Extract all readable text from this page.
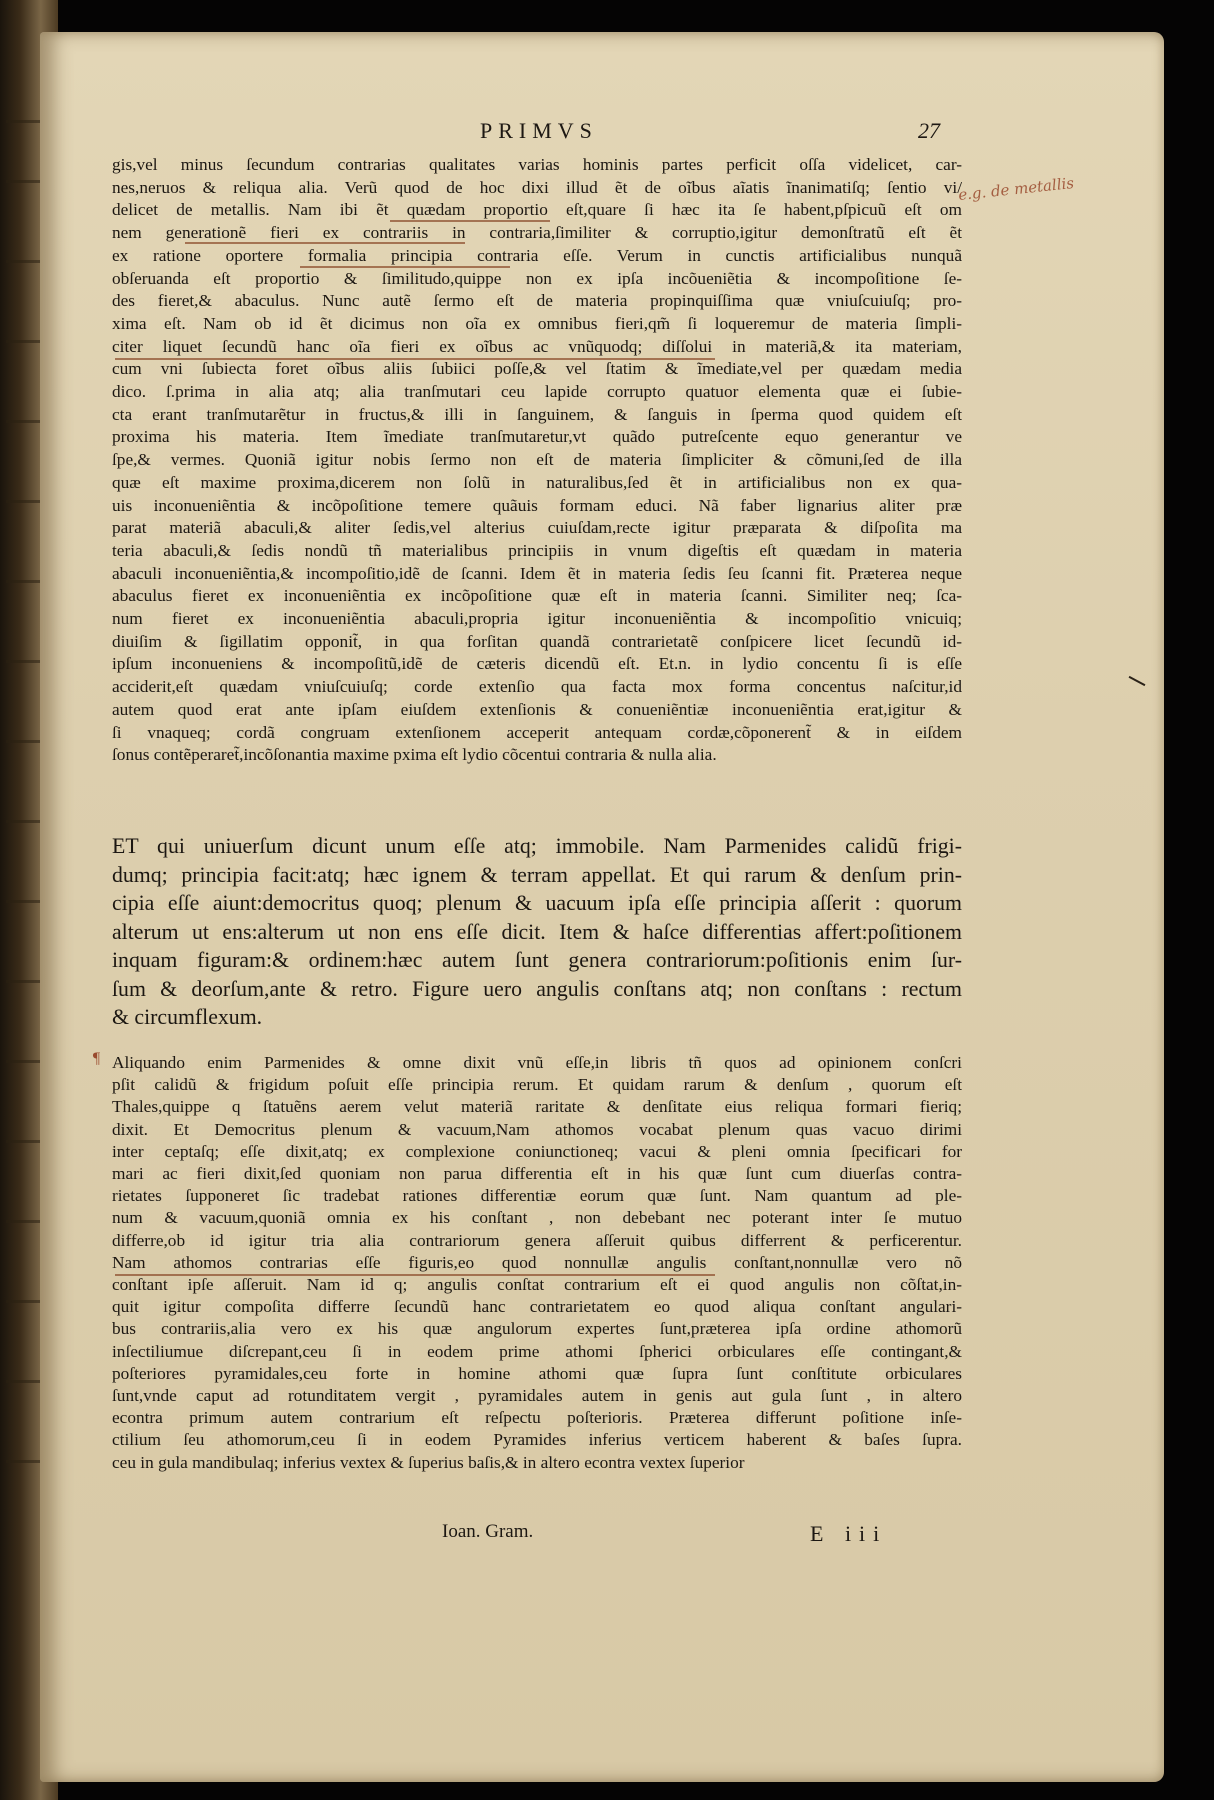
PRIMVS	27
e.g. de metallis
¶
gis,vel minus ſecundum contrarias qualitates varias hominis partes perficit oſſa videlicet, car-
nes,neruos & reliqua alia. Verũ quod de hoc dixi illud ẽt de oĩbus aĩatis ĩnanimatiſq; ſentio vi/
delicet de metallis. Nam ibi ẽt quædam proportio eſt,quare ſi hæc ita ſe habent,pſpicuũ eſt om
nem generationẽ fieri ex contrariis in contraria,ſimiliter & corruptio,igitur demonſtratũ eſt ẽt
ex ratione oportere formalia principia contraria eſſe. Verum in cunctis artificialibus nunquã
obſeruanda eſt proportio & ſimilitudo,quippe non ex ipſa incõueniẽtia & incompoſitione ſe-
des fieret,& abaculus. Nunc autẽ ſermo eſt de materia propinquiſſima quæ vniuſcuiuſq; pro-
xima eſt. Nam ob id ẽt dicimus non oĩa ex omnibus fieri,qm̃ ſi loqueremur de materia ſimpli-
citer liquet ſecundũ hanc oĩa fieri ex oĩbus ac vnũquodq; diſſolui in materiã,& ita materiam,
cum vni ſubiecta foret oĩbus aliis ſubiici poſſe,& vel ſtatim & ĩmediate,vel per quædam media
dico. ſ.prima in alia atq; alia tranſmutari ceu lapide corrupto quatuor elementa quæ ei ſubie-
cta erant tranſmutarẽtur in fructus,& illi in ſanguinem, & ſanguis in ſperma quod quidem eſt
proxima his materia. Item ĩmediate tranſmutaretur,vt quãdo putreſcente equo generantur ve
ſpe,& vermes. Quoniã igitur nobis ſermo non eſt de materia ſimpliciter & cõmuni,ſed de illa
quæ eſt maxime proxima,dicerem non ſolũ in naturalibus,ſed ẽt in artificialibus non ex qua-
uis inconueniẽntia & incõpoſitione temere quãuis formam educi. Nã faber lignarius aliter præ
parat materiã abaculi,& aliter ſedis,vel alterius cuiuſdam,recte igitur præparata & diſpoſita ma
teria abaculi,& ſedis nondũ tñ materialibus principiis in vnum digeſtis eſt quædam in materia
abaculi inconueniẽntia,& incompoſitio,idẽ de ſcanni. Idem ẽt in materia ſedis ſeu ſcanni fit. Præterea neque
abaculus fieret ex inconueniẽntia ex incõpoſitione quæ eſt in materia ſcanni. Similiter neq; ſca-
num fieret ex inconueniẽntia abaculi,propria igitur inconueniẽntia & incompoſitio vnicuiq;
diuiſim & ſigillatim opponit̃, in qua forſitan quandã contrarietatẽ conſpicere licet ſecundũ id-
ipſum inconueniens & incompoſitũ,idẽ de cæteris dicendũ eſt. Et.n. in lydio concentu ſi is eſſe
acciderit,eſt quædam vniuſcuiuſq; corde extenſio qua facta mox forma concentus naſcitur,id
autem quod erat ante ipſam eiuſdem extenſionis & conueniẽntiæ inconueniẽntia erat,igitur &
ſi vnaqueq; cordã congruam extenſionem acceperit antequam cordæ,cõponerent̃ & in eiſdem
ſonus contẽperaret̃,incõſonantia maxime pxima eſt lydio cõcentui contraria & nulla alia.
ET qui uniuerſum dicunt unum eſſe atq; immobile. Nam Parmenides calidũ frigi-
dumq; principia facit:atq; hæc ignem & terram appellat. Et qui rarum & denſum prin-
cipia eſſe aiunt:democritus quoq; plenum & uacuum ipſa eſſe principia aſſerit : quorum
alterum ut ens:alterum ut non ens eſſe dicit. Item & haſce differentias affert:poſitionem
inquam figuram:& ordinem:hæc autem ſunt genera contrariorum:poſitionis enim ſur-
ſum & deorſum,ante & retro. Figure uero angulis conſtans atq; non conſtans : rectum
& circumflexum.
Aliquando enim Parmenides & omne dixit vnũ eſſe,in libris tñ quos ad opinionem conſcri
pſit calidũ & frigidum poſuit eſſe principia rerum. Et quidam rarum & denſum , quorum eſt
Thales,quippe q ſtatuẽns aerem velut materiã raritate & denſitate eius reliqua formari fieriq;
dixit. Et Democritus plenum & vacuum,Nam athomos vocabat plenum quas vacuo dirimi
inter ceptaſq; eſſe dixit,atq; ex complexione coniunctioneq; vacui & pleni omnia ſpecificari for
mari ac fieri dixit,ſed quoniam non parua differentia eſt in his quæ ſunt cum diuerſas contra-
rietates ſupponeret ſic tradebat rationes differentiæ eorum quæ ſunt. Nam quantum ad ple-
num & vacuum,quoniã omnia ex his conſtant , non debebant nec poterant inter ſe mutuo
differre,ob id igitur tria alia contrariorum genera aſſeruit quibus differrent & perficerentur.
Nam athomos contrarias eſſe figuris,eo quod nonnullæ angulis conſtant,nonnullæ vero nõ
conſtant ipſe aſſeruit. Nam id q; angulis conſtat contrarium eſt ei quod angulis non cõſtat,in-
quit igitur compoſita differre ſecundũ hanc contrarietatem eo quod aliqua conſtant angulari-
bus contrariis,alia vero ex his quæ angulorum expertes ſunt,præterea ipſa ordine athomorũ
inſectiliumue diſcrepant,ceu ſi in eodem prime athomi ſpherici orbiculares eſſe contingant,&
poſteriores pyramidales,ceu forte in homine athomi quæ ſupra ſunt conſtitute orbiculares
ſunt,vnde caput ad rotunditatem vergit , pyramidales autem in genis aut gula ſunt , in altero
econtra primum autem contrarium eſt reſpectu poſterioris. Præterea differunt poſitione inſe-
ctilium ſeu athomorum,ceu ſi in eodem Pyramides inferius verticem haberent & baſes ſupra.
ceu in gula mandibulaq; inferius vextex & ſuperius baſis,& in altero econtra vextex ſuperior
Ioan. Gram.	E iii
